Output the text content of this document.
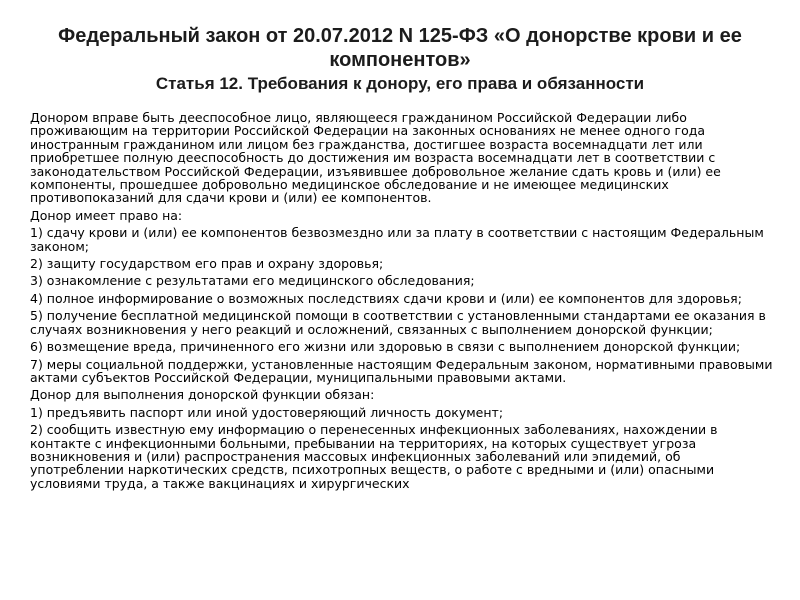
Федеральный закон от 20.07.2012 N 125-ФЗ «О донорстве крови и ее компонентов»
Статья 12. Требования к донору, его права и обязанности

Донором вправе быть дееспособное лицо, являющееся гражданином Российской Федерации либо проживающим на территории Российской Федерации на законных основаниях не менее одного года иностранным гражданином или лицом без гражданства, достигшее возраста восемнадцати лет или приобретшее полную дееспособность до достижения им возраста восемнадцати лет в соответствии с законодательством Российской Федерации, изъявившее добровольное желание сдать кровь и (или) ее компоненты, прошедшее добровольно медицинское обследование и не имеющее медицинских противопоказаний для сдачи крови и (или) ее компонентов.

Донор имеет право на:

1) сдачу крови и (или) ее компонентов безвозмездно или за плату в соответствии с настоящим Федеральным законом;

2) защиту государством его прав и охрану здоровья;

3) ознакомление с результатами его медицинского обследования;

4) полное информирование о возможных последствиях сдачи крови и (или) ее компонентов для здоровья;

5) получение бесплатной медицинской помощи в соответствии с установленными стандартами ее оказания в случаях возникновения у него реакций и осложнений, связанных с выполнением донорской функции;

6) возмещение вреда, причиненного его жизни или здоровью в связи с выполнением донорской функции;

7) меры социальной поддержки, установленные настоящим Федеральным законом, нормативными правовыми актами субъектов Российской Федерации, муниципальными правовыми актами.

Донор для выполнения донорской функции обязан:

1) предъявить паспорт или иной удостоверяющий личность документ;

2) сообщить известную ему информацию о перенесенных инфекционных заболеваниях, нахождении в контакте с инфекционными больными, пребывании на территориях, на которых существует угроза возникновения и (или) распространения массовых инфекционных заболеваний или эпидемий, об употреблении наркотических средств, психотропных веществ, о работе с вредными и (или) опасными условиями труда, а также вакцинациях и хирургических
